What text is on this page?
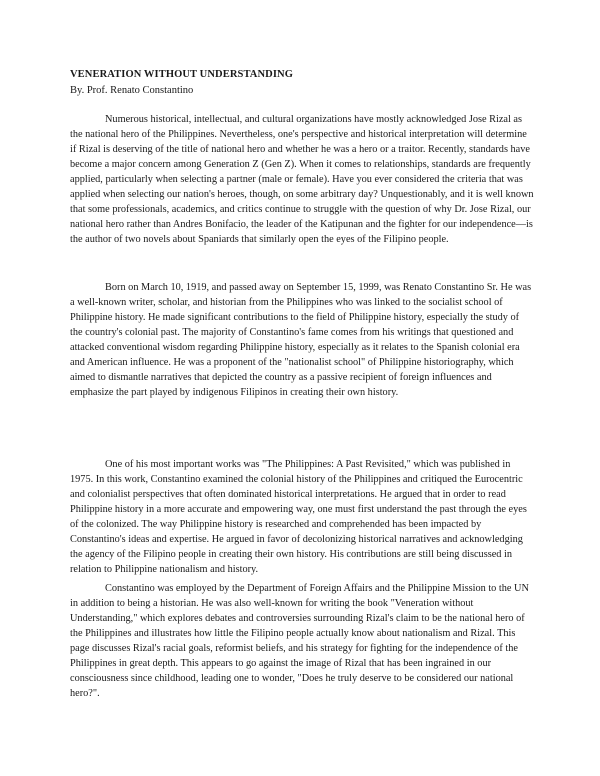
VENERATION WITHOUT UNDERSTANDING
By. Prof. Renato Constantino

Numerous historical, intellectual, and cultural organizations have mostly acknowledged Jose Rizal as the national hero of the Philippines. Nevertheless, one's perspective and historical interpretation will determine if Rizal is deserving of the title of national hero and whether he was a hero or a traitor. Recently, standards have become a major concern among Generation Z (Gen Z). When it comes to relationships, standards are frequently applied, particularly when selecting a partner (male or female). Have you ever considered the criteria that was applied when selecting our nation's heroes, though, on some arbitrary day? Unquestionably, and it is well known that some professionals, academics, and critics continue to struggle with the question of why Dr. Jose Rizal, our national hero rather than Andres Bonifacio, the leader of the Katipunan and the fighter for our independence—is the author of two novels about Spaniards that similarly open the eyes of the Filipino people.

Born on March 10, 1919, and passed away on September 15, 1999, was Renato Constantino Sr. He was a well-known writer, scholar, and historian from the Philippines who was linked to the socialist school of Philippine history. He made significant contributions to the field of Philippine history, especially the study of the country's colonial past. The majority of Constantino's fame comes from his writings that questioned and attacked conventional wisdom regarding Philippine history, especially as it relates to the Spanish colonial era and American influence. He was a proponent of the "nationalist school" of Philippine historiography, which aimed to dismantle narratives that depicted the country as a passive recipient of foreign influences and emphasize the part played by indigenous Filipinos in creating their own history.

One of his most important works was "The Philippines: A Past Revisited," which was published in 1975. In this work, Constantino examined the colonial history of the Philippines and critiqued the Eurocentric and colonialist perspectives that often dominated historical interpretations. He argued that in order to read Philippine history in a more accurate and empowering way, one must first understand the past through the eyes of the colonized. The way Philippine history is researched and comprehended has been impacted by Constantino's ideas and expertise. He argued in favor of decolonizing historical narratives and acknowledging the agency of the Filipino people in creating their own history. His contributions are still being discussed in relation to Philippine nationalism and history.

Constantino was employed by the Department of Foreign Affairs and the Philippine Mission to the UN in addition to being a historian. He was also well-known for writing the book "Veneration without Understanding," which explores debates and controversies surrounding Rizal's claim to be the national hero of the Philippines and illustrates how little the Filipino people actually know about nationalism and Rizal. This page discusses Rizal's racial goals, reformist beliefs, and his strategy for fighting for the independence of the Philippines in great depth. This appears to go against the image of Rizal that has been ingrained in our consciousness since childhood, leading one to wonder, "Does he truly deserve to be considered our national hero?".
